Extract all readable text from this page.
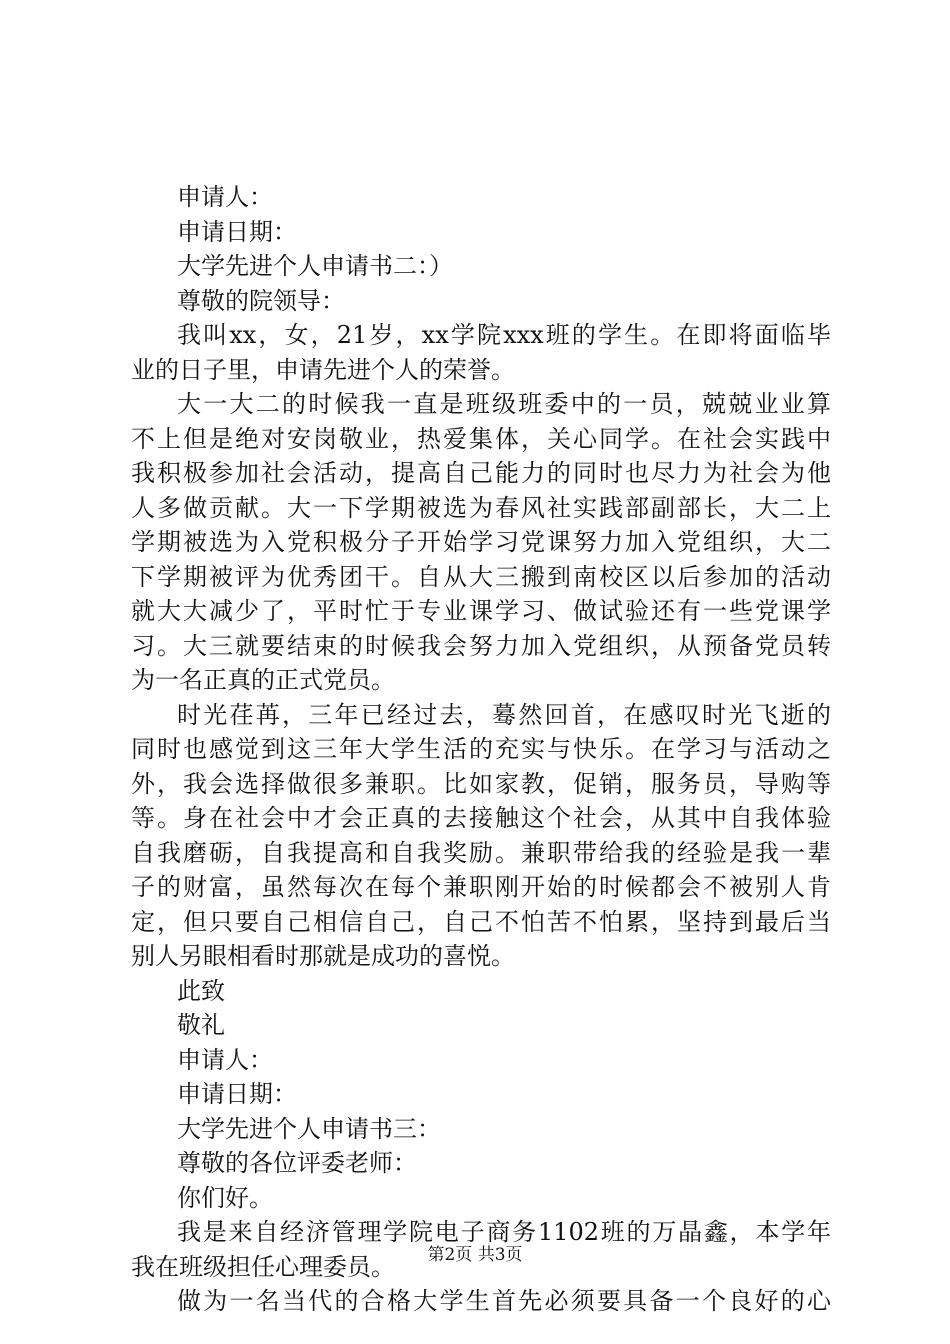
申请人：
申请日期：
大学先进个人申请书二：）
尊敬的院领导：
我叫xx，女，21岁，xx学院xxx班的学生。在即将面临毕
业的日子里，申请先进个人的荣誉。
大一大二的时候我一直是班级班委中的一员，兢兢业业算
不上但是绝对安岗敬业，热爱集体，关心同学。在社会实践中
我积极参加社会活动，提高自己能力的同时也尽力为社会为他
人多做贡献。大一下学期被选为春风社实践部副部长，大二上
学期被选为入党积极分子开始学习党课努力加入党组织，大二
下学期被评为优秀团干。自从大三搬到南校区以后参加的活动
就大大减少了，平时忙于专业课学习、做试验还有一些党课学
习。大三就要结束的时候我会努力加入党组织，从预备党员转
为一名正真的正式党员。
时光荏苒，三年已经过去，蓦然回首，在感叹时光飞逝的
同时也感觉到这三年大学生活的充实与快乐。在学习与活动之
外，我会选择做很多兼职。比如家教，促销，服务员，导购等
等。身在社会中才会正真的去接触这个社会，从其中自我体验
自我磨砺，自我提高和自我奖励。兼职带给我的经验是我一辈
子的财富，虽然每次在每个兼职刚开始的时候都会不被别人肯
定，但只要自己相信自己，自己不怕苦不怕累，坚持到最后当
别人另眼相看时那就是成功的喜悦。
此致
敬礼
申请人：
申请日期：
大学先进个人申请书三：
尊敬的各位评委老师：
你们好。
我是来自经济管理学院电子商务1102班的万晶鑫，本学年
我在班级担任心理委员。
做为一名当代的合格大学生首先必须要具备一个良好的心
第2页 共3页
